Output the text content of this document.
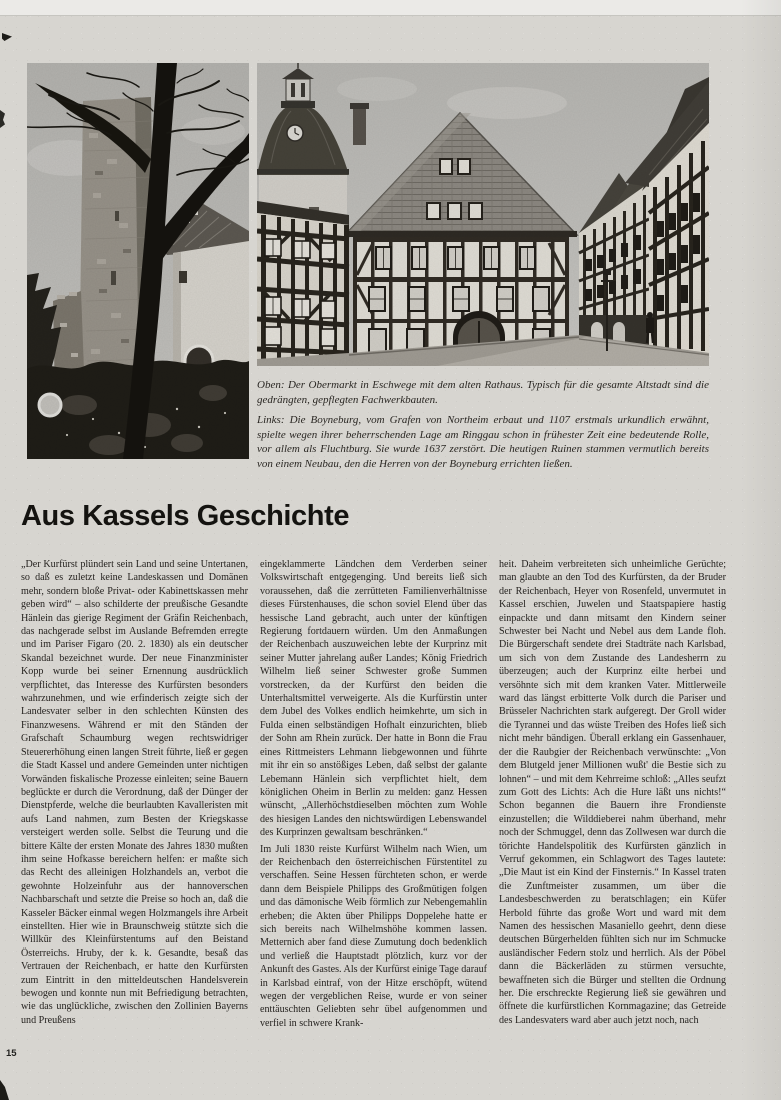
Oben: Der Obermarkt in Eschwege mit dem alten Rathaus. Typisch für die gesamte Altstadt sind die gedrängten, gepflegten Fachwerkbauten.

Links: Die Boyneburg, vom Grafen von Northeim erbaut und 1107 erstmals urkundlich erwähnt, spielte wegen ihrer beherrschenden Lage am Ringgau schon in frühester Zeit eine bedeutende Rolle, vor allem als Fluchtburg. Sie wurde 1637 zerstört. Die heutigen Ruinen stammen vermutlich bereits von einem Neubau, den die Herren von der Boyneburg errichten ließen.

Aus Kassels Geschichte

„Der Kurfürst plündert sein Land und seine Untertanen, so daß es zuletzt keine Landeskassen und Domänen mehr, sondern bloße Privat- oder Kabinettskassen mehr geben wird“ – also schilderte der preußische Gesandte Hänlein das gierige Regiment der Gräfin Reichenbach, das nachgerade selbst im Auslande Befremden erregte und im Pariser Figaro (20. 2. 1830) als ein deutscher Skandal bezeichnet wurde. Der neue Finanzminister Kopp wurde bei seiner Ernennung ausdrücklich verpflichtet, das Interesse des Kurfürsten besonders wahrzunehmen, und wie erfinderisch zeigte sich der Landesvater selber in den schlechten Künsten des Finanzwesens. Während er mit den Ständen der Grafschaft Schaumburg wegen rechtswidriger Steuererhöhung einen langen Streit führte, ließ er gegen die Stadt Kassel und andere Gemeinden unter nichtigen Vorwänden fiskalische Prozesse einleiten; seine Bauern beglückte er durch die Verordnung, daß der Dünger der Dienstpferde, welche die beurlaubten Kavalleristen mit aufs Land nahmen, zum Besten der Kriegskasse versteigert werden solle. Selbst die Teurung und die bittere Kälte der ersten Monate des Jahres 1830 mußten ihm seine Hofkasse bereichern helfen: er maßte sich das Recht des alleinigen Holzhandels an, verbot die gewohnte Holzeinfuhr aus der hannoverschen Nachbarschaft und setzte die Preise so hoch an, daß die Kasseler Bäcker einmal wegen Holzmangels ihre Arbeit einstellten. Hier wie in Braunschweig stützte sich die Willkür des Kleinfürstentums auf den Beistand Österreichs. Hruby, der k. k. Gesandte, besaß das Vertrauen der Reichenbach, er hatte den Kurfürsten zum Eintritt in den mitteldeutschen Handelsverein bewogen und konnte nun mit Befriedigung betrachten, wie das unglückliche, zwischen den Zollinien Bayerns und Preußens

eingeklammerte Ländchen dem Verderben seiner Volkswirtschaft entgegenging. Und bereits ließ sich voraussehen, daß die zerrütteten Familienverhältnisse dieses Fürstenhauses, die schon soviel Elend über das hessische Land gebracht, auch unter der künftigen Regierung fortdauern würden. Um den Anmaßungen der Reichenbach auszuweichen lebte der Kurprinz mit seiner Mutter jahrelang außer Landes; König Friedrich Wilhelm ließ seiner Schwester große Summen vorstrecken, da der Kurfürst den beiden die Unterhaltsmittel verweigerte. Als die Kurfürstin unter dem Jubel des Volkes endlich heimkehrte, um sich in Fulda einen selbständigen Hofhalt einzurichten, blieb der Sohn am Rhein zurück. Der hatte in Bonn die Frau eines Rittmeisters Lehmann liebgewonnen und führte mit ihr ein so anstößiges Leben, daß selbst der galante Lebemann Hänlein sich verpflichtet hielt, dem königlichen Oheim in Berlin zu melden: ganz Hessen wünscht, „Allerhöchstdieselben möchten zum Wohle des hiesigen Landes den nichtswürdigen Lebenswandel des Kurprinzen gewaltsam beschränken.“

Im Juli 1830 reiste Kurfürst Wilhelm nach Wien, um der Reichenbach den österreichischen Fürstentitel zu verschaffen. Seine Hessen fürchteten schon, er werde dann dem Beispiele Philipps des Großmütigen folgen und das dämonische Weib förmlich zur Nebengemahlin erheben; die Akten über Philipps Doppelehe hatte er sich bereits nach Wilhelmshöhe kommen lassen. Metternich aber fand diese Zumutung doch bedenklich und verließ die Hauptstadt plötzlich, kurz vor der Ankunft des Gastes. Als der Kurfürst einige Tage darauf in Karlsbad eintraf, von der Hitze erschöpft, wütend wegen der vergeblichen Reise, wurde er von seiner enttäuschten Geliebten sehr übel aufgenommen und verfiel in schwere Krank-

heit. Daheim verbreiteten sich unheimliche Gerüchte; man glaubte an den Tod des Kurfürsten, da der Bruder der Reichenbach, Heyer von Rosenfeld, unvermutet in Kassel erschien, Juwelen und Staatspapiere hastig einpackte und dann mitsamt den Kindern seiner Schwester bei Nacht und Nebel aus dem Lande floh. Die Bürgerschaft sendete drei Stadträte nach Karlsbad, um sich von dem Zustande des Landesherrn zu überzeugen; auch der Kurprinz eilte herbei und versöhnte sich mit dem kranken Vater. Mittlerweile ward das längst erbitterte Volk durch die Pariser und Brüsseler Nachrichten stark aufgeregt. Der Groll wider die Tyrannei und das wüste Treiben des Hofes ließ sich nicht mehr bändigen. Überall erklang ein Gassenhauer, der die Raubgier der Reichenbach verwünschte: „Von dem Blutgeld jener Millionen wußt' die Bestie sich zu lohnen“ – und mit dem Kehrreime schloß: „Alles seufzt zum Gott des Lichts: Ach die Hure läßt uns nichts!“ Schon begannen die Bauern ihre Frondienste einzustellen; die Wilddieberei nahm überhand, mehr noch der Schmuggel, denn das Zollwesen war durch die törichte Handelspolitik des Kurfürsten gänzlich in Verruf gekommen, ein Schlagwort des Tages lautete: „Die Maut ist ein Kind der Finsternis.“ In Kassel traten die Zunftmeister zusammen, um über die Landesbeschwerden zu beratschlagen; ein Küfer Herbold führte das große Wort und ward mit dem Namen des hessischen Masaniello geehrt, denn diese deutschen Bürgerhelden fühlten sich nur im Schmucke ausländischer Federn stolz und herrlich. Als der Pöbel dann die Bäckerläden zu stürmen versuchte, bewaffneten sich die Bürger und stellten die Ordnung her. Die erschreckte Regierung ließ sie gewähren und öffnete die kurfürstlichen Kornmagazine; das Getreide des Landesvaters ward aber auch jetzt noch, nach

15
